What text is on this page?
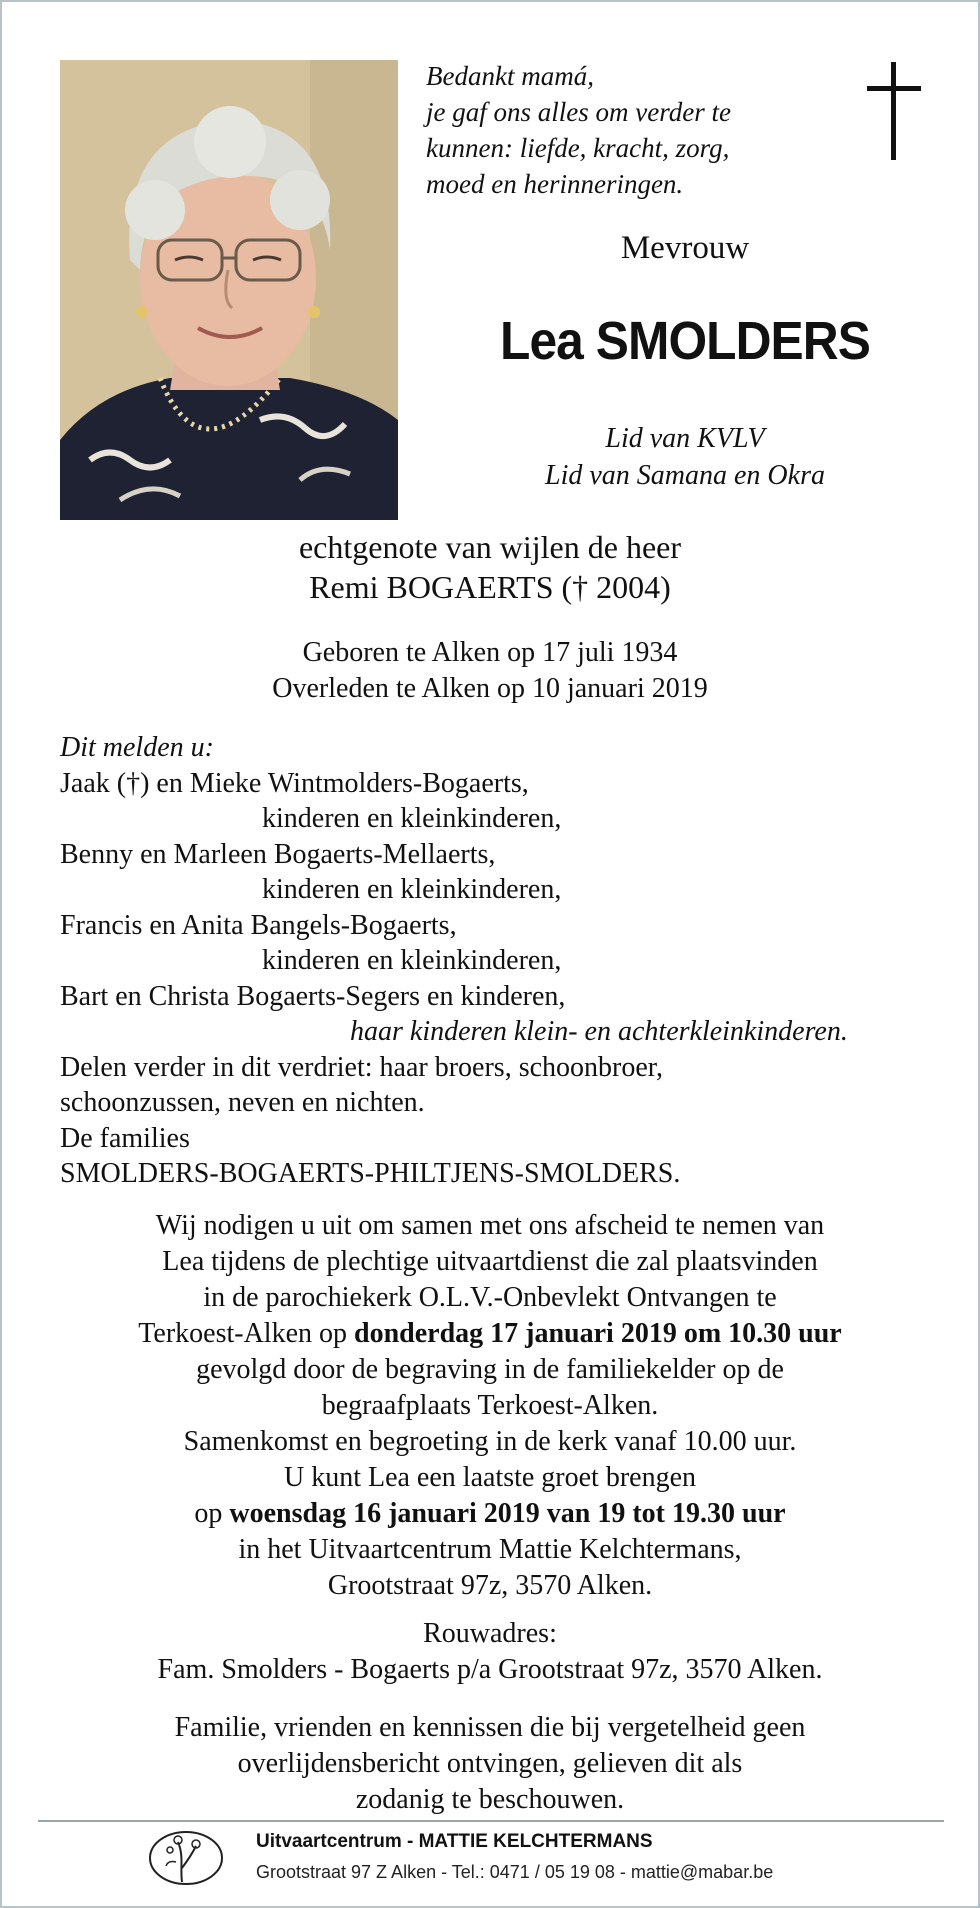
Bedankt mamá,
je gaf ons alles om verder te
kunnen: liefde, kracht, zorg,
moed en herinneringen.
Mevrouw
Lea SMOLDERS
Lid van KVLV
Lid van Samana en Okra
echtgenote van wijlen de heer
Remi BOGAERTS († 2004)
Geboren te Alken op 17 juli 1934
Overleden te Alken op 10 januari 2019
Dit melden u:
Jaak (†) en Mieke Wintmolders-Bogaerts,
kinderen en kleinkinderen,
Benny en Marleen Bogaerts-Mellaerts,
kinderen en kleinkinderen,
Francis en Anita Bangels-Bogaerts,
kinderen en kleinkinderen,
Bart en Christa Bogaerts-Segers en kinderen,
haar kinderen klein- en achterkleinkinderen.
Delen verder in dit verdriet: haar broers, schoonbroer,
schoonzussen, neven en nichten.
De families
SMOLDERS-BOGAERTS-PHILTJENS-SMOLDERS.
Wij nodigen u uit om samen met ons afscheid te nemen van
Lea tijdens de plechtige uitvaartdienst die zal plaatsvinden
in de parochiekerk O.L.V.-Onbevlekt Ontvangen te
Terkoest-Alken op donderdag 17 januari 2019 om 10.30 uur
gevolgd door de begraving in de familiekelder op de
begraafplaats Terkoest-Alken.
Samenkomst en begroeting in de kerk vanaf 10.00 uur.
U kunt Lea een laatste groet brengen
op woensdag 16 januari 2019 van 19 tot 19.30 uur
in het Uitvaartcentrum Mattie Kelchtermans,
Grootstraat 97z, 3570 Alken.
Rouwadres:
Fam. Smolders - Bogaerts p/a Grootstraat 97z, 3570 Alken.
Familie, vrienden en kennissen die bij vergetelheid geen
overlijdensbericht ontvingen, gelieven dit als
zodanig te beschouwen.
Uitvaartcentrum - MATTIE KELCHTERMANS
Grootstraat 97 Z Alken - Tel.: 0471 / 05 19 08 - mattie@mabar.be
